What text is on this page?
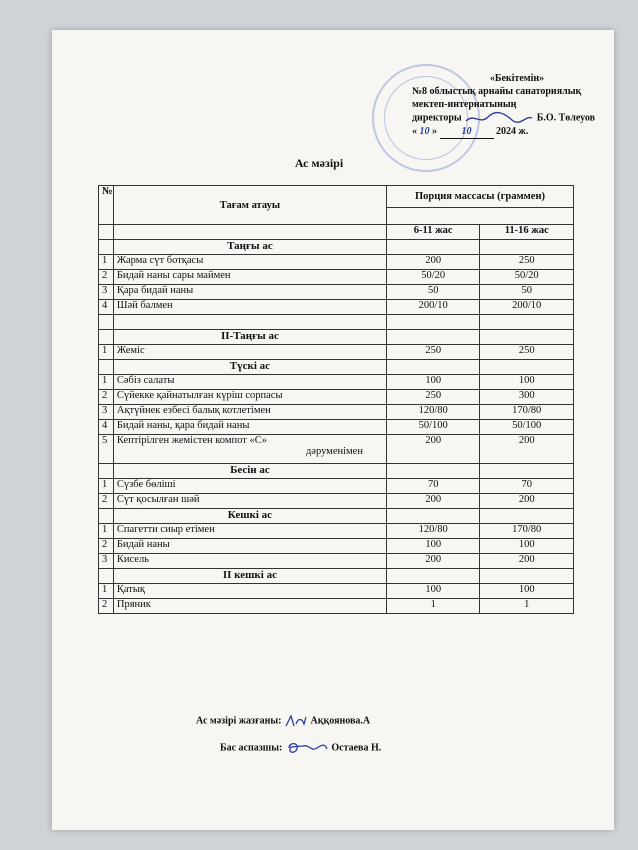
«Бекітемін»
№8 облыстық арнайы санаториялық
мектеп-интернатының
директоры	Б.О. Төлеуов
« 10 » 10 2024 ж.
Ас мәзірі
№	Тағам атауы	Порция массасы (граммен)	

		6-11 жас	11-16 жас
	Таңғы ас		
1	Жарма сүт ботқасы	200	250
2	Бидай наны сары маймен	50/20	50/20
3	Қара бидай наны	50	50
4	Шәй балмен	200/10	200/10

	II-Таңғы ас		
1	Жеміс	250	250
	Түскі ас		
1	Сәбіз салаты	100	100
2	Сүйекке қайнатылған күріш сорпасы	250	300
3	Ақтүйнек езбесі балық котлетімен	120/80	170/80
4	Бидай наны, қара бидай наны	50/100	50/100
5	Кептірілген жемістен компот «С»
дәруменімен	200	200
	Бесін ас		
1	Сүзбе бөліші	70	70
2	Сүт қосылған шәй	200	200
	Кешкі ас		
1	Спагетти сиыр етімен	120/80	170/80
2	Бидай наны	100	100
3	Кисель	200	200
	II кешкі ас		
1	Қатық	100	100
2	Пряник	1	1
Ас мәзірі жазғаны:	Аққоянова.А
Бас аспазшы:	Остаева Н.
